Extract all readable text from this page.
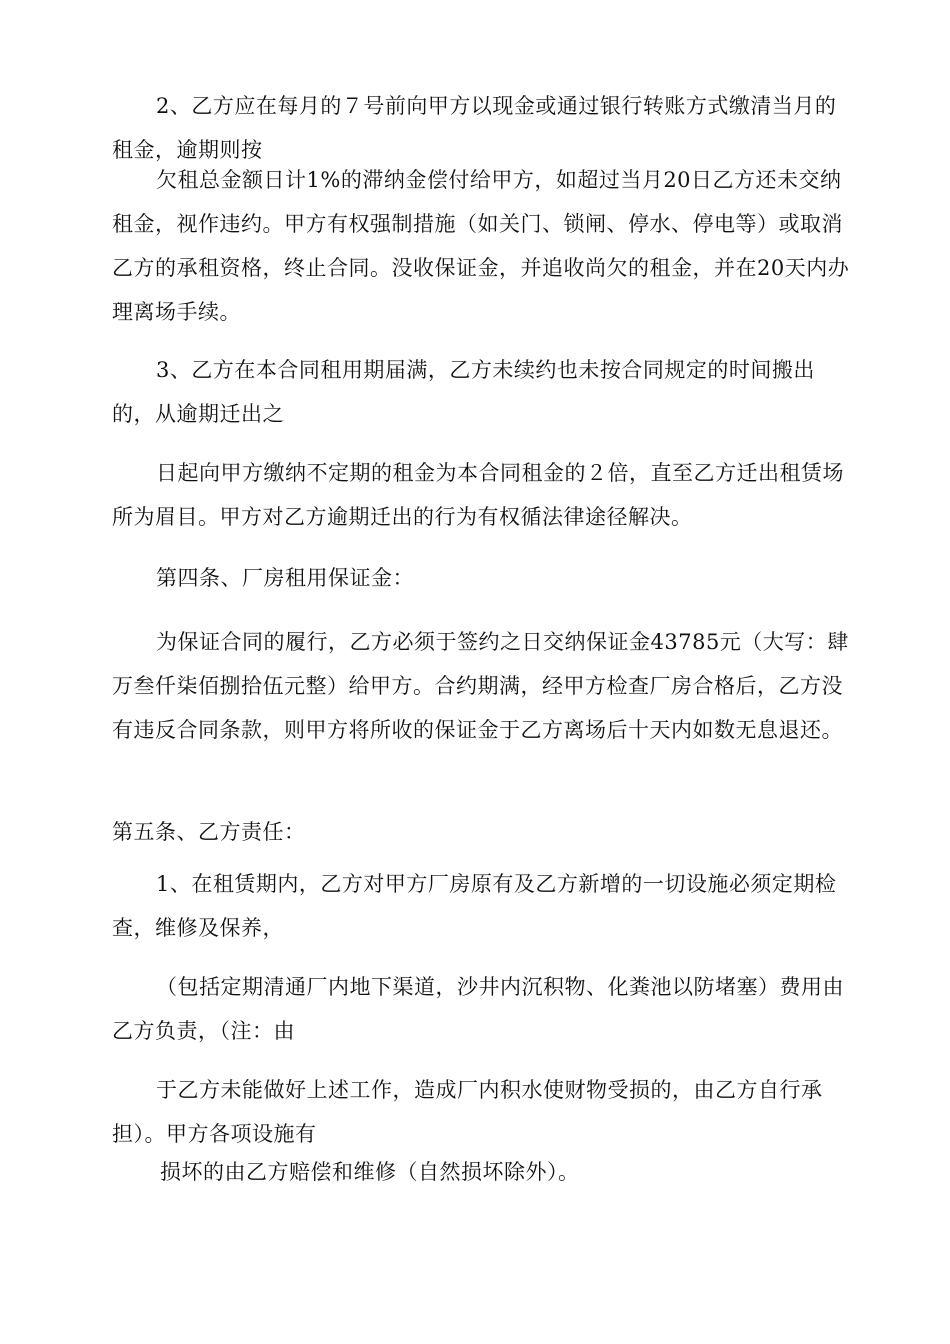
2、乙方应在每月的７号前向甲方以现金或通过银行转账方式缴清当月的租金，逾期则按

欠租总金额日计1%的滞纳金偿付给甲方，如超过当月20日乙方还未交纳租金，视作违约。甲方有权强制措施（如关门、锁闸、停水、停电等）或取消乙方的承租资格，终止合同。没收保证金，并追收尚欠的租金，并在20天内办理离场手续。

3、乙方在本合同租用期届满，乙方未续约也未按合同规定的时间搬出的，从逾期迁出之

日起向甲方缴纳不定期的租金为本合同租金的２倍，直至乙方迁出租赁场所为眉目。甲方对乙方逾期迁出的行为有权循法律途径解决。

第四条、厂房租用保证金：

为保证合同的履行，乙方必须于签约之日交纳保证金43785元（大写：肆万叁仟柒佰捌拾伍元整）给甲方。合约期满，经甲方检查厂房合格后，乙方没有违反合同条款，则甲方将所收的保证金于乙方离场后十天内如数无息退还。

第五条、乙方责任：

1、在租赁期内，乙方对甲方厂房原有及乙方新增的一切设施必须定期检查，维修及保养，

（包括定期清通厂内地下渠道，沙井内沉积物、化粪池以防堵塞）费用由乙方负责，（注：由

于乙方未能做好上述工作，造成厂内积水使财物受损的，由乙方自行承担）。甲方各项设施有

损坏的由乙方赔偿和维修（自然损坏除外）。
